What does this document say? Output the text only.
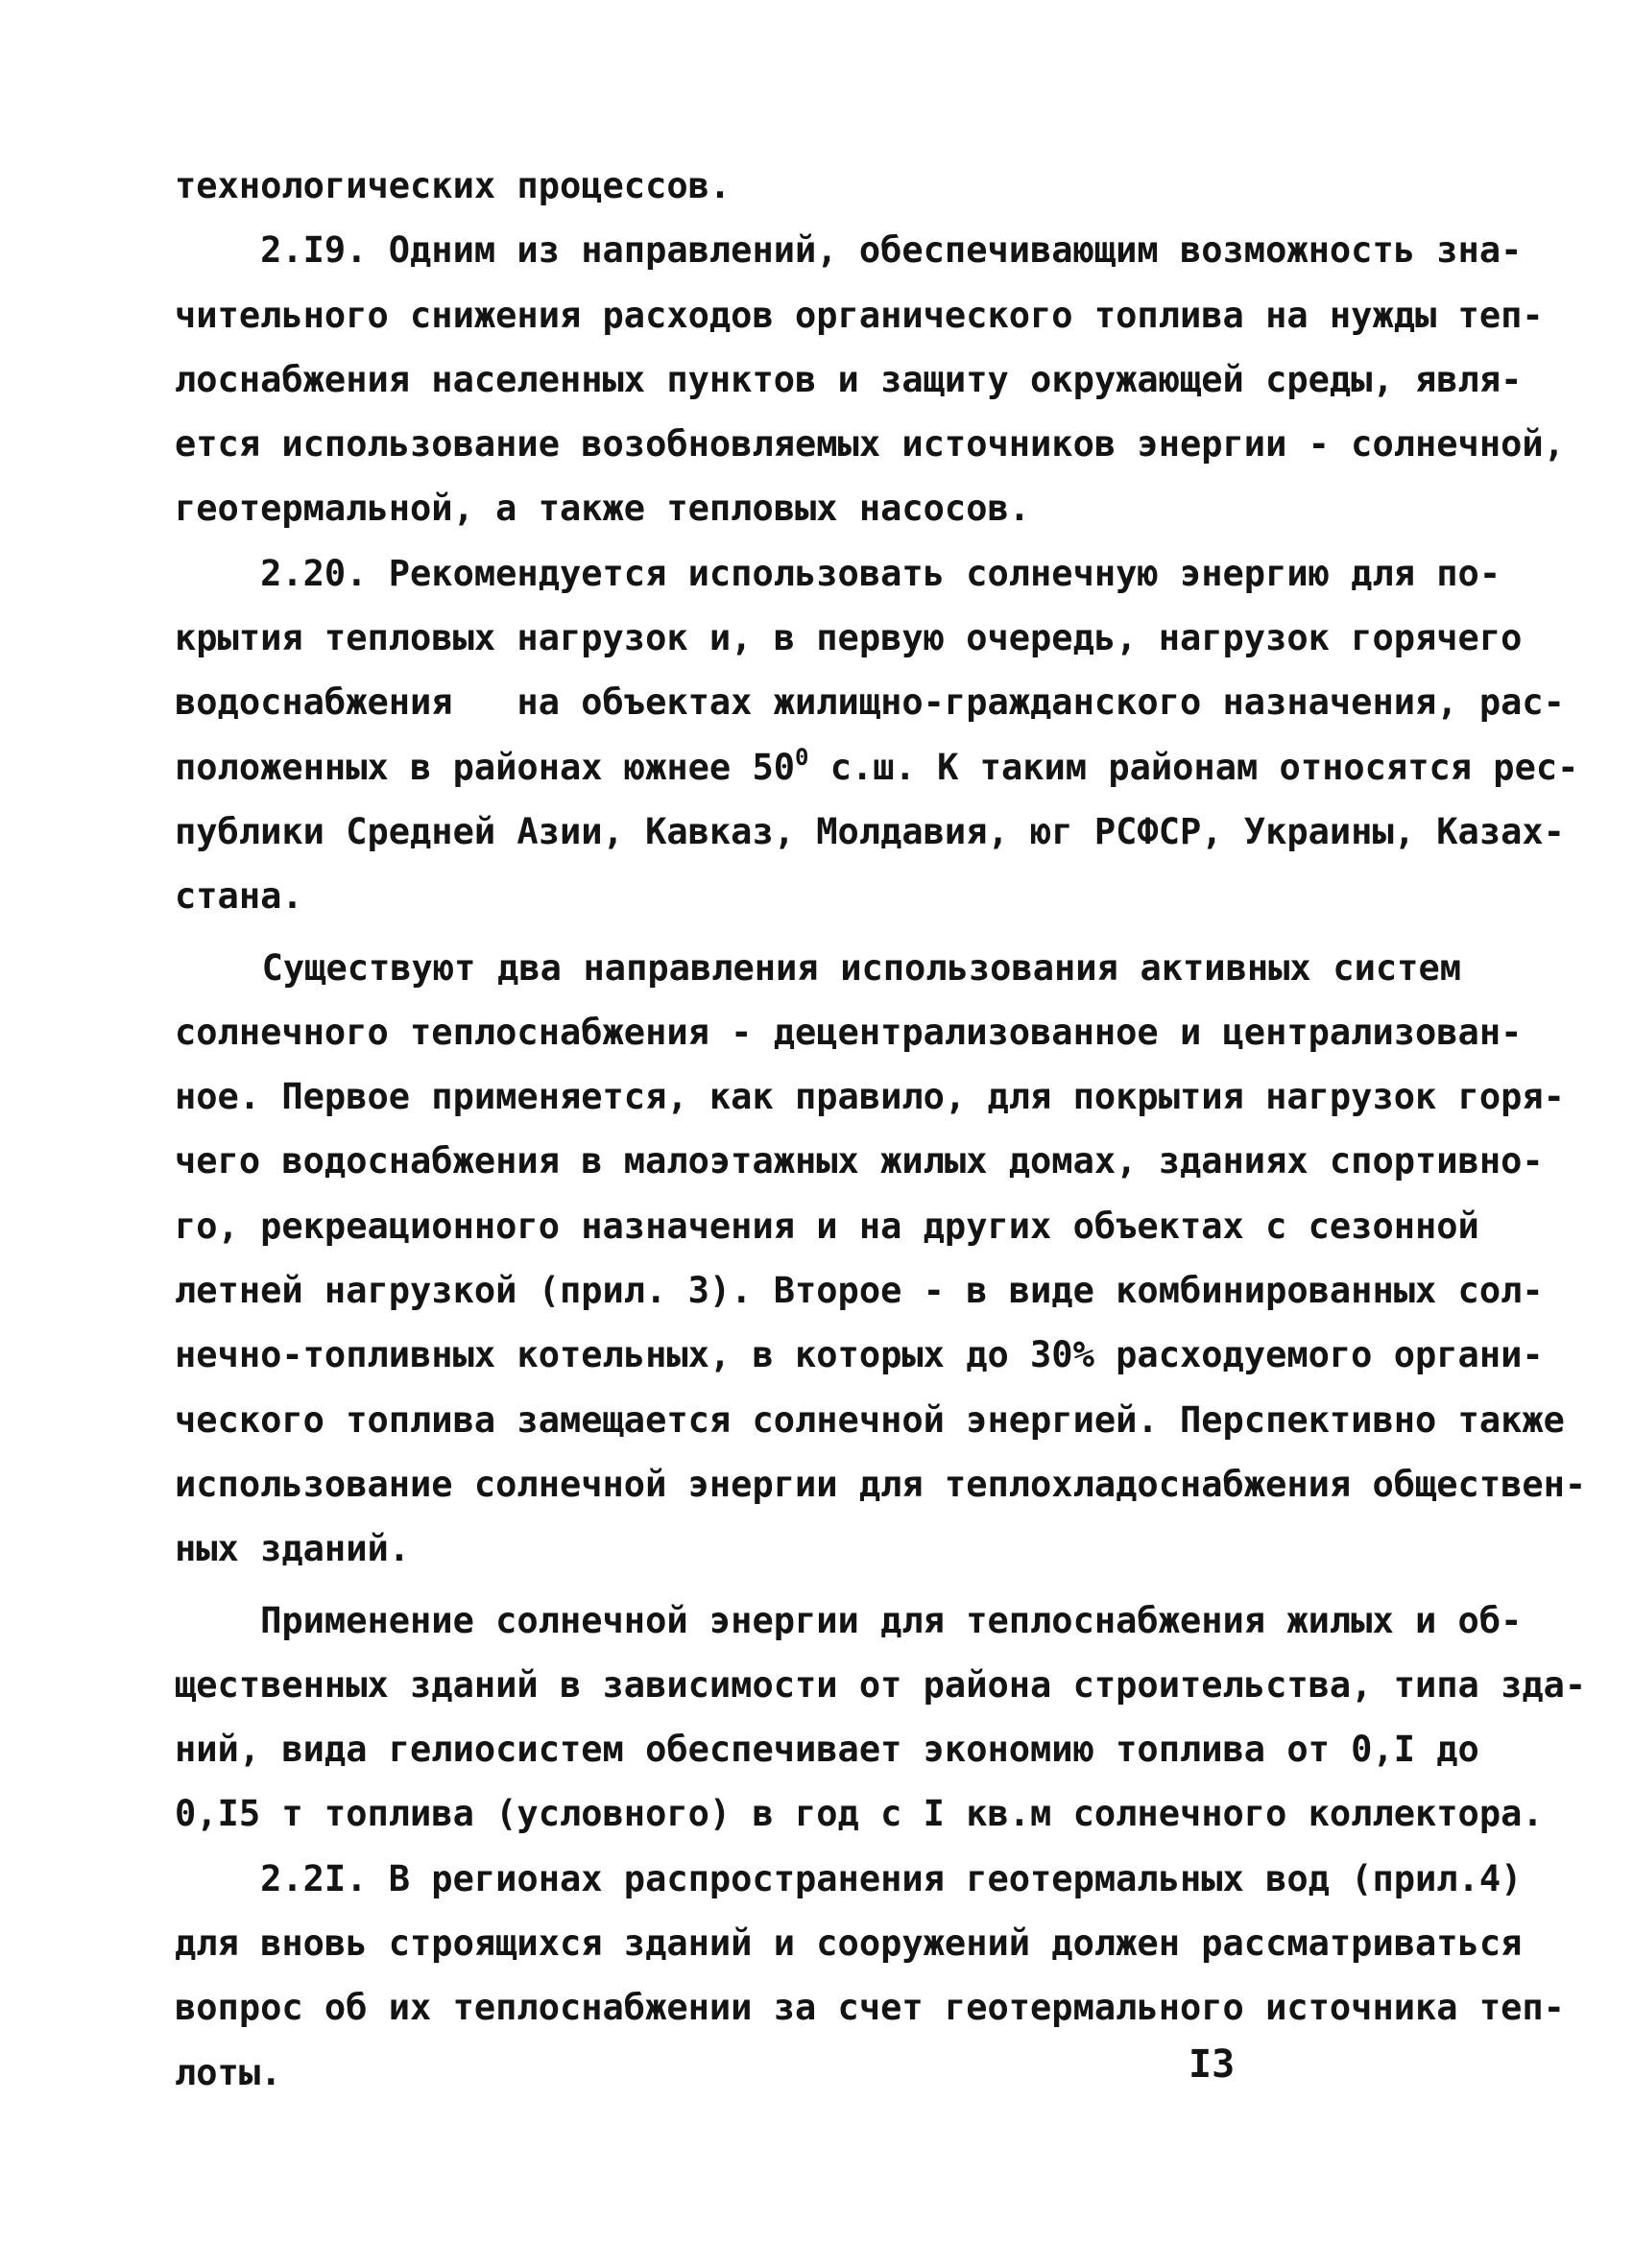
технологических процессов.
2.I9. Одним из направлений, обеспечивающим возможность зна-
чительного снижения расходов органического топлива на нужды теп-
лоснабжения населенных пунктов и защиту окружающей среды, явля-
ется использование возобновляемых источников энергии - солнечной,
геотермальной, а также тепловых насосов.
2.20. Рекомендуется использовать солнечную энергию для по-
крытия тепловых нагрузок и, в первую очередь, нагрузок горячего
водоснабжения   на объектах жилищно-гражданского назначения, рас-
положенных в районах южнее $50^0$ с.ш. К таким районам относятся рес-
публики Средней Азии, Кавказ, Молдавия, юг РСФСР, Украины, Казах-
стана.
Существуют два направления использования активных систем
солнечного теплоснабжения - децентрализованное и централизован-
ное. Первое применяется, как правило, для покрытия нагрузок горя-
чего водоснабжения в малоэтажных жилых домах, зданиях спортивно-
го, рекреационного назначения и на других объектах с сезонной
летней нагрузкой (прил. 3). Второе - в виде комбинированных сол-
нечно-топливных котельных, в которых до 30% расходуемого органи-
ческого топлива замещается солнечной энергией. Перспективно также
использование солнечной энергии для теплохладоснабжения обществен-
ных зданий.
Применение солнечной энергии для теплоснабжения жилых и об-
щественных зданий в зависимости от района строительства, типа зда-
ний, вида гелиосистем обеспечивает экономию топлива от 0,I до
0,I5 т топлива (условного) в год с I кв.м солнечного коллектора.
2.2I. В регионах распространения геотермальных вод (прил.4)
для вновь строящихся зданий и сооружений должен рассматриваться
вопрос об их теплоснабжении за счет геотермального источника теп-
лоты.	I3
